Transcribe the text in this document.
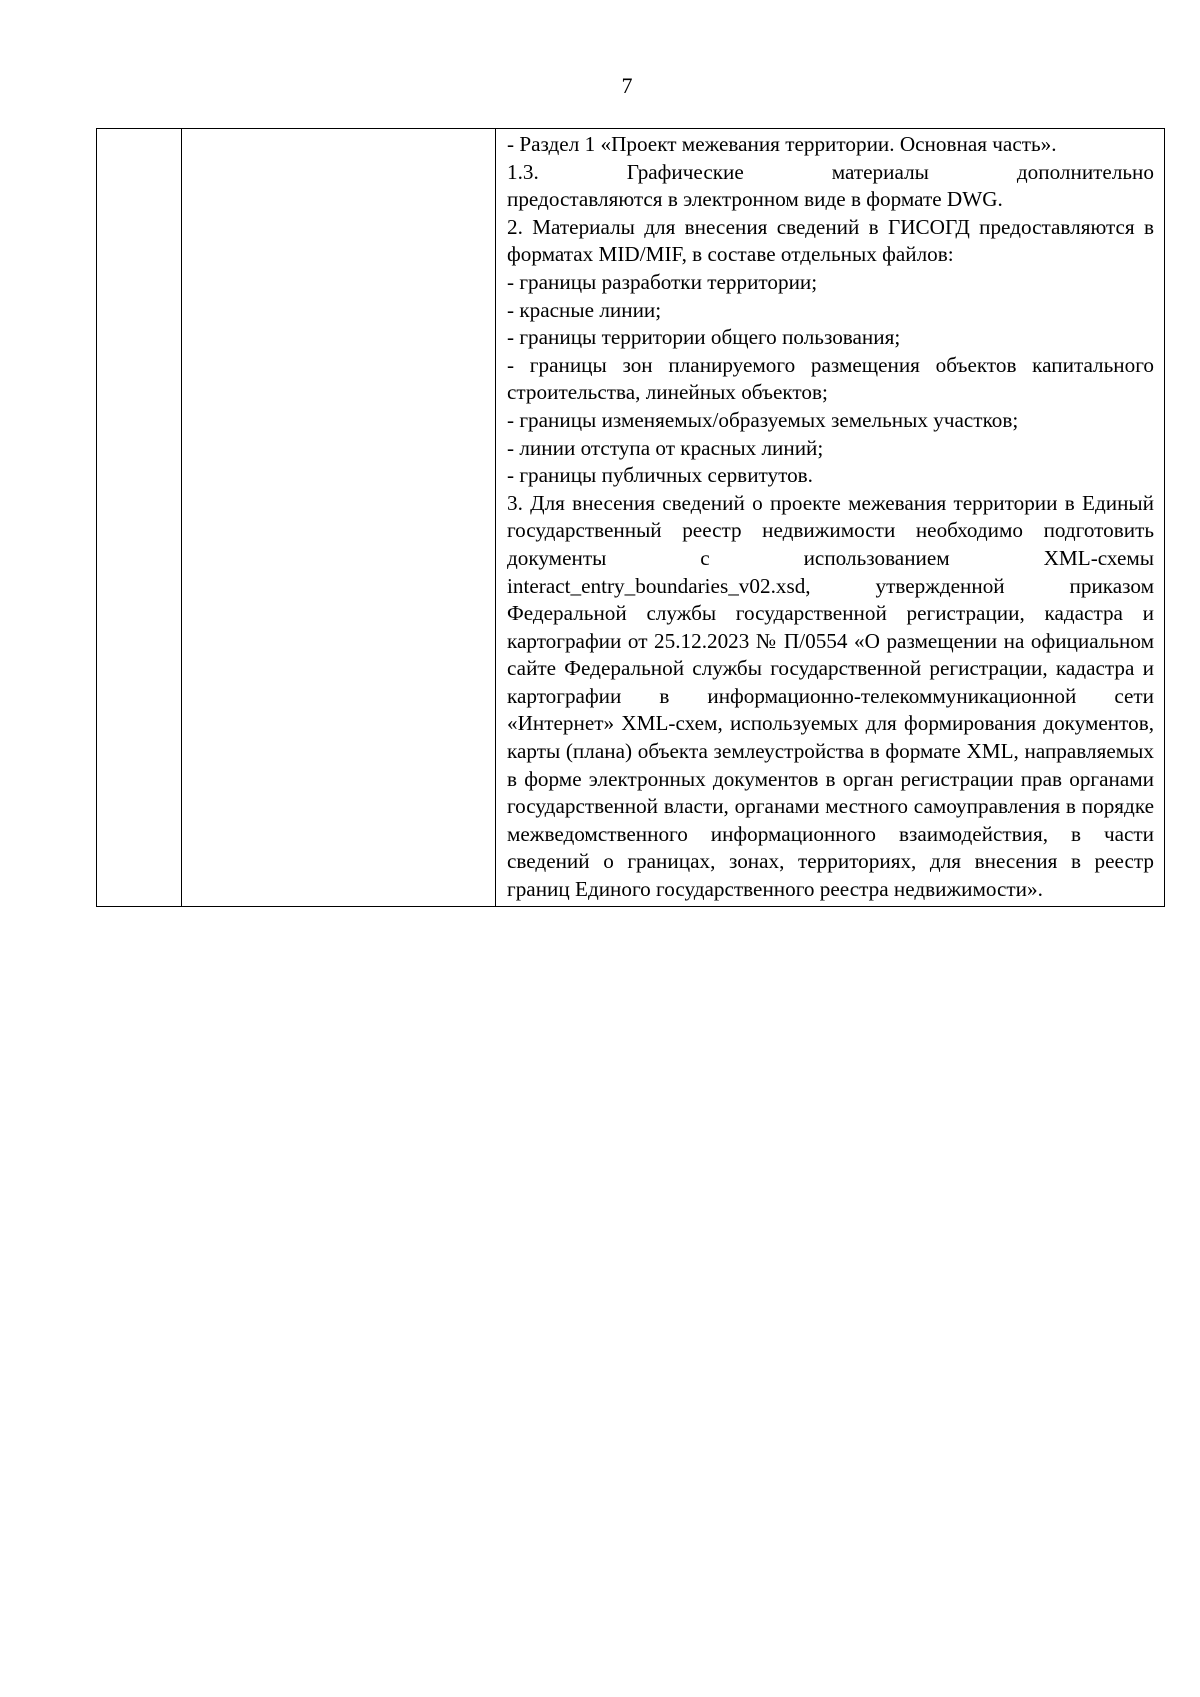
7

- Раздел 1 «Проект межевания территории. Основная часть».

1.3. Графические материалы дополнительно

предоставляются в электронном виде в формате DWG.

2. Материалы для внесения сведений в ГИСОГД предоставляются в форматах MID/MIF, в составе отдельных файлов:

- границы разработки территории;

- красные линии;

- границы территории общего пользования;

- границы зон планируемого размещения объектов капитального строительства, линейных объектов;

- границы изменяемых/образуемых земельных участков;

- линии отступа от красных линий;

- границы публичных сервитутов.

3. Для внесения сведений о проекте межевания территории в Единый государственный реестр недвижимости необходимо подготовить документы с использованием XML-схемы interact_entry_boundaries_v02.xsd, утвержденной приказом Федеральной службы государственной регистрации, кадастра и картографии от 25.12.2023 № П/0554 «О размещении на официальном сайте Федеральной службы государственной регистрации, кадастра и картографии в информационно-телекоммуникационной сети «Интернет» XML-схем, используемых для формирования документов, карты (плана) объекта землеустройства в формате XML, направляемых в форме электронных документов в орган регистрации прав органами государственной власти, органами местного самоуправления в порядке межведомственного информационного взаимодействия, в части сведений о границах, зонах, территориях, для внесения в реестр границ Единого государственного реестра недвижимости».
